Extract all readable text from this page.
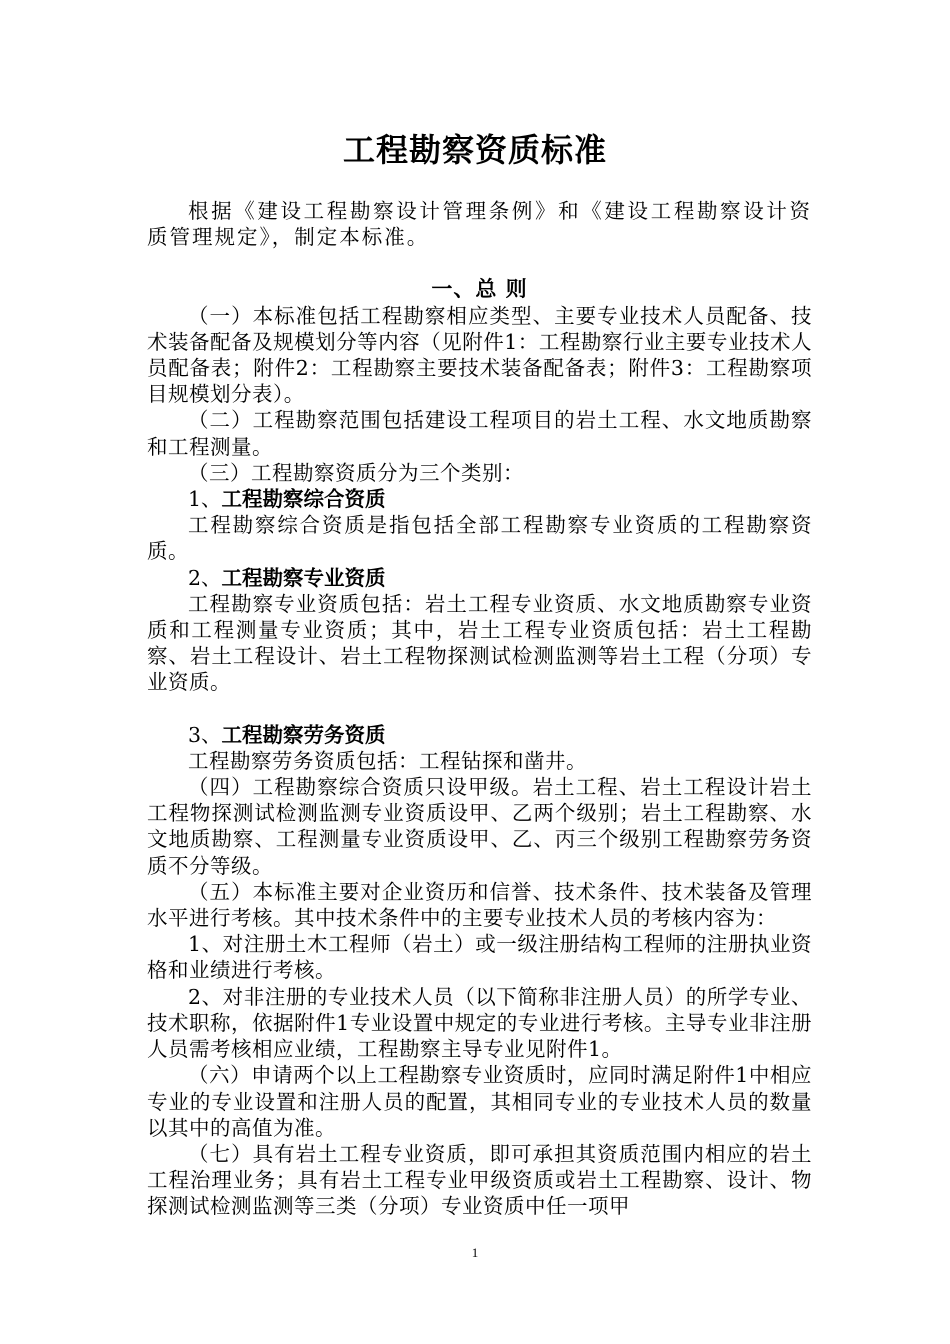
工程勘察资质标准

根据《建设工程勘察设计管理条例》和《建设工程勘察设计资质管理规定》，制定本标准。

一、总 则

（一）本标准包括工程勘察相应类型、主要专业技术人员配备、技术装备配备及规模划分等内容（见附件1：工程勘察行业主要专业技术人员配备表；附件2：工程勘察主要技术装备配备表；附件3：工程勘察项目规模划分表）。

（二）工程勘察范围包括建设工程项目的岩土工程、水文地质勘察和工程测量。

（三）工程勘察资质分为三个类别：

1、工程勘察综合资质

工程勘察综合资质是指包括全部工程勘察专业资质的工程勘察资质。

2、工程勘察专业资质

工程勘察专业资质包括：岩土工程专业资质、水文地质勘察专业资质和工程测量专业资质；其中，岩土工程专业资质包括：岩土工程勘察、岩土工程设计、岩土工程物探测试检测监测等岩土工程（分项）专业资质。

3、工程勘察劳务资质

工程勘察劳务资质包括：工程钻探和凿井。

（四）工程勘察综合资质只设甲级。岩土工程、岩土工程设计岩土工程物探测试检测监测专业资质设甲、乙两个级别；岩土工程勘察、水文地质勘察、工程测量专业资质设甲、乙、丙三个级别工程勘察劳务资质不分等级。

（五）本标准主要对企业资历和信誉、技术条件、技术装备及管理水平进行考核。其中技术条件中的主要专业技术人员的考核内容为：

1、对注册土木工程师（岩土）或一级注册结构工程师的注册执业资格和业绩进行考核。

2、对非注册的专业技术人员（以下简称非注册人员）的所学专业、技术职称，依据附件1专业设置中规定的专业进行考核。主导专业非注册人员需考核相应业绩，工程勘察主导专业见附件1。

（六）申请两个以上工程勘察专业资质时，应同时满足附件1中相应专业的专业设置和注册人员的配置，其相同专业的专业技术人员的数量以其中的高值为准。

（七）具有岩土工程专业资质，即可承担其资质范围内相应的岩土工程治理业务；具有岩土工程专业甲级资质或岩土工程勘察、设计、物探测试检测监测等三类（分项）专业资质中任一项甲

1
